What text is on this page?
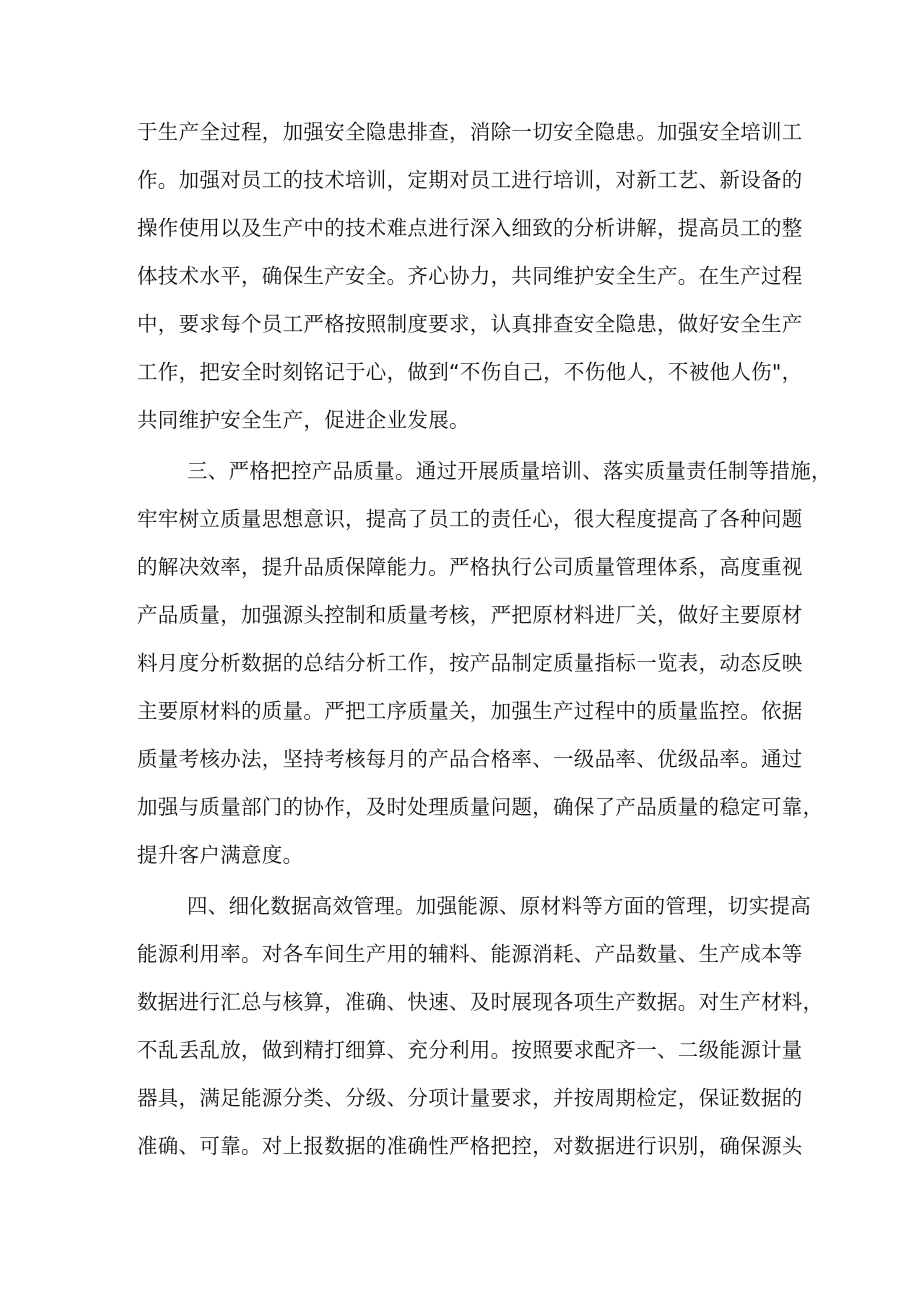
于生产全过程，加强安全隐患排查，消除一切安全隐患。加强安全培训工
作。加强对员工的技术培训，定期对员工进行培训，对新工艺、新设备的
操作使用以及生产中的技术难点进行深入细致的分析讲解，提高员工的整
体技术水平，确保生产安全。齐心协力，共同维护安全生产。在生产过程
中，要求每个员工严格按照制度要求，认真排查安全隐患，做好安全生产
工作，把安全时刻铭记于心，做到“不伤自己，不伤他人，不被他人伤"，
共同维护安全生产，促进企业发展。
三、严格把控产品质量。通过开展质量培训、落实质量责任制等措施，
牢牢树立质量思想意识，提高了员工的责任心，很大程度提高了各种问题
的解决效率，提升品质保障能力。严格执行公司质量管理体系，高度重视
产品质量，加强源头控制和质量考核，严把原材料进厂关，做好主要原材
料月度分析数据的总结分析工作，按产品制定质量指标一览表，动态反映
主要原材料的质量。严把工序质量关，加强生产过程中的质量监控。依据
质量考核办法，坚持考核每月的产品合格率、一级品率、优级品率。通过
加强与质量部门的协作，及时处理质量问题，确保了产品质量的稳定可靠，
提升客户满意度。
四、细化数据高效管理。加强能源、原材料等方面的管理，切实提高
能源利用率。对各车间生产用的辅料、能源消耗、产品数量、生产成本等
数据进行汇总与核算，准确、快速、及时展现各项生产数据。对生产材料，
不乱丢乱放，做到精打细算、充分利用。按照要求配齐一、二级能源计量
器具，满足能源分类、分级、分项计量要求，并按周期检定，保证数据的
准确、可靠。对上报数据的准确性严格把控，对数据进行识别，确保源头
